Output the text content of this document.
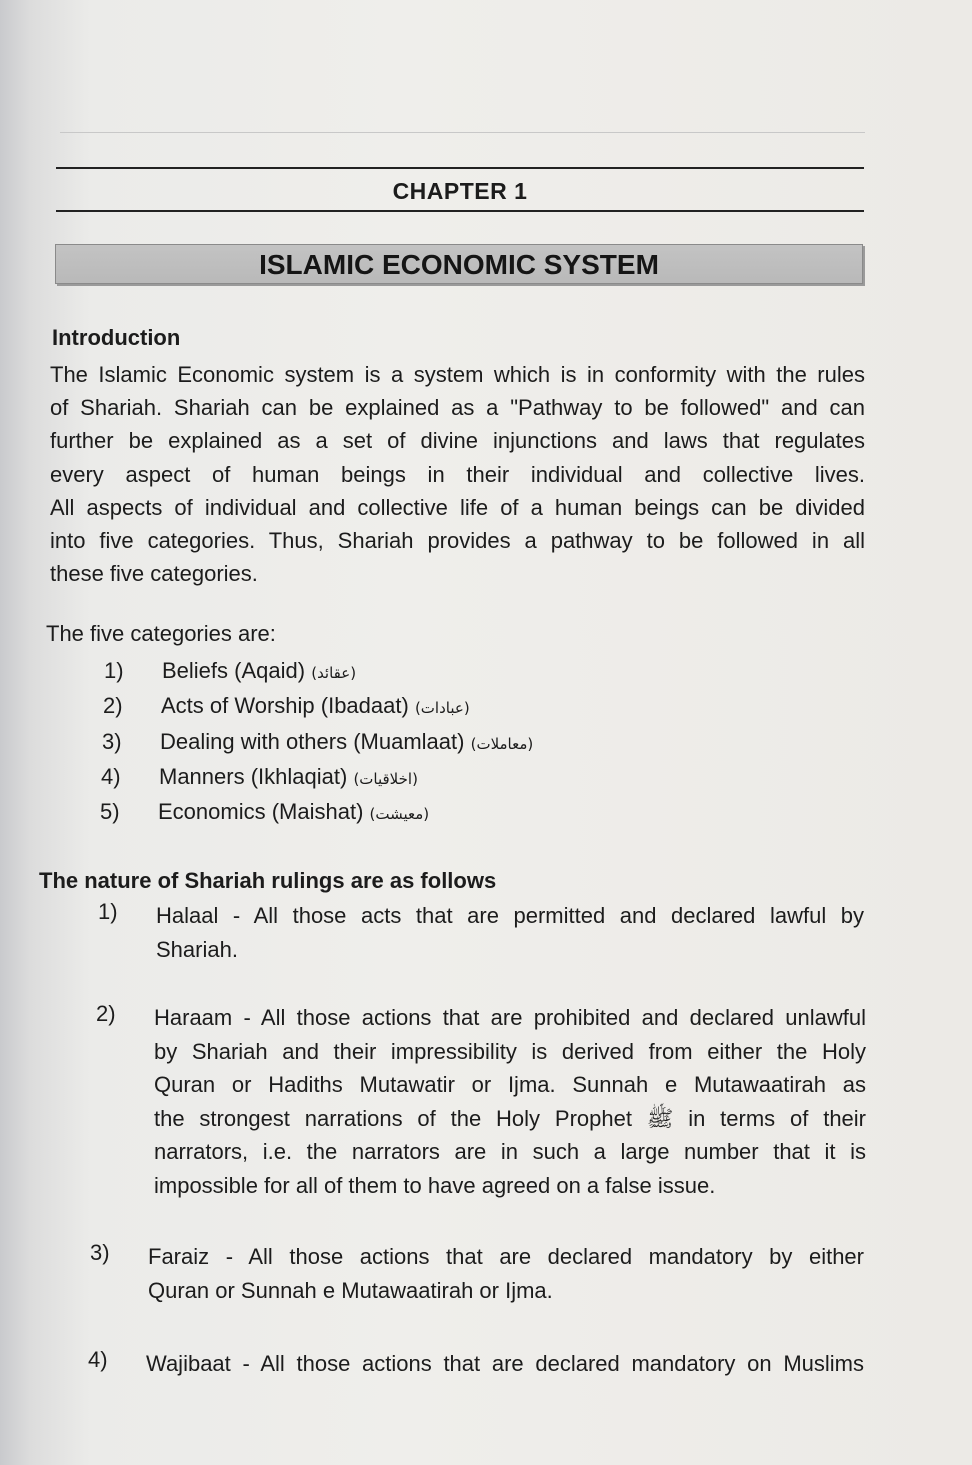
CHAPTER 1
ISLAMIC ECONOMIC SYSTEM
Introduction
The Islamic Economic system is a system which is in conformity with the rules
of Shariah. Shariah can be explained as a "Pathway to be followed" and can
further be explained as a set of divine injunctions and laws that regulates
every aspect of human beings in their individual and collective lives.
All aspects of individual and collective life of a human beings can be divided
into five categories. Thus, Shariah provides a pathway to be followed in all
these five categories.
The five categories are:
1) Beliefs (Aqaid) (عقائد)
2) Acts of Worship (Ibadaat) (عبادات)
3) Dealing with others (Muamlaat) (معاملات)
4) Manners (Ikhlaqiat) (اخلاقیات)
5) Economics (Maishat) (معیشت)
The nature of Shariah rulings are as follows
1) Halaal - All those acts that are permitted and declared lawful by
Shariah.
2) Haraam - All those actions that are prohibited and declared unlawful
by Shariah and their impressibility is derived from either the Holy
Quran or Hadiths Mutawatir or Ijma. Sunnah e Mutawaatirah as
the strongest narrations of the Holy Prophet ﷺ in terms of their
narrators, i.e. the narrators are in such a large number that it is
impossible for all of them to have agreed on a false issue.
3) Faraiz - All those actions that are declared mandatory by either
Quran or Sunnah e Mutawaatirah or Ijma.
4) Wajibaat - All those actions that are declared mandatory on Muslims
